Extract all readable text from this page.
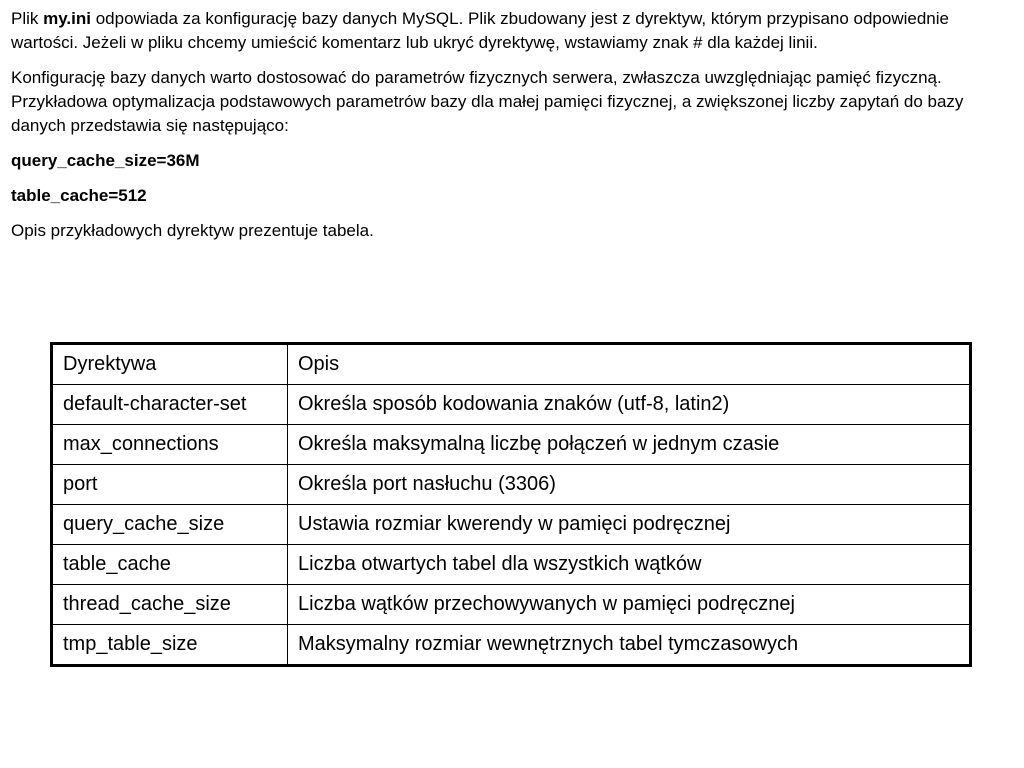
Plik my.ini odpowiada za konfigurację bazy danych MySQL. Plik zbudowany jest z dyrektyw, którym przypisano odpowiednie wartości. Jeżeli w pliku chcemy umieścić komentarz lub ukryć dyrektywę, wstawiamy znak # dla każdej linii.

Konfigurację bazy danych warto dostosować do parametrów fizycznych serwera, zwłaszcza uwzględniając pamięć fizyczną. Przykładowa optymalizacja podstawowych parametrów bazy dla małej pamięci fizycznej, a zwiększonej liczby zapytań do bazy danych przedstawia się następująco:

query_cache_size=36M

table_cache=512

Opis przykładowych dyrektyw prezentuje tabela.

Dyrektywa	Opis
default-character-set	Określa sposób kodowania znaków (utf-8, latin2)
max_connections	Określa maksymalną liczbę połączeń w jednym czasie
port	Określa port nasłuchu (3306)
query_cache_size	Ustawia rozmiar kwerendy w pamięci podręcznej
table_cache	Liczba otwartych tabel dla wszystkich wątków
thread_cache_size	Liczba wątków przechowywanych w pamięci podręcznej
tmp_table_size	Maksymalny rozmiar wewnętrznych tabel tymczasowych
